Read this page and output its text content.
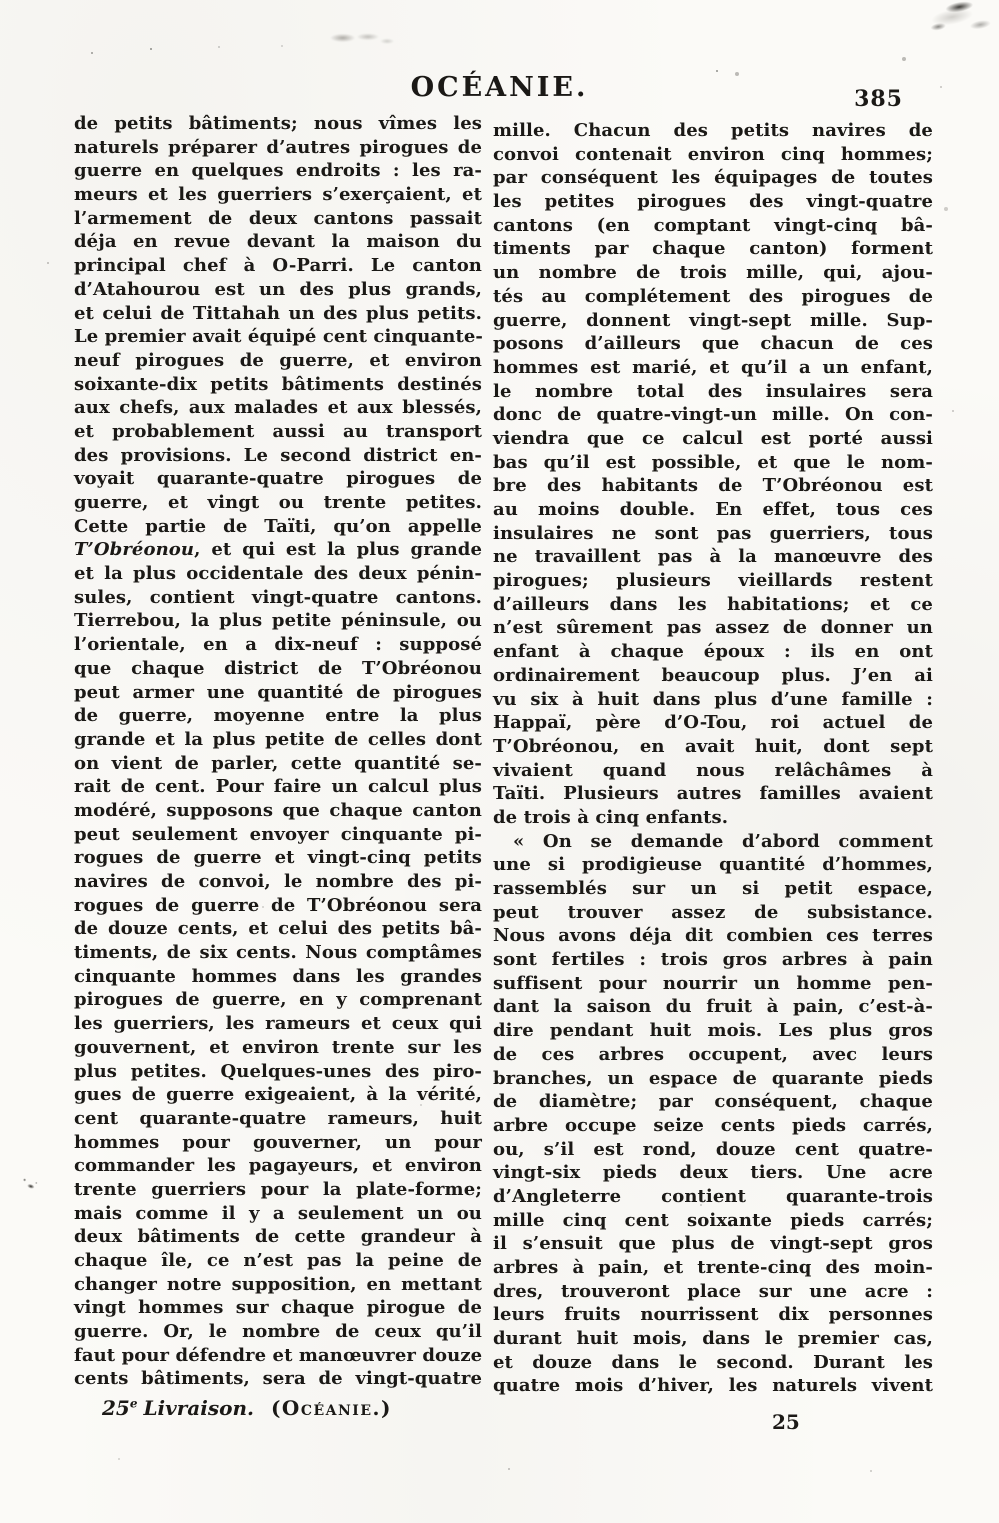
OCÉANIE.	385
de petits bâtiments; nous vîmes les
naturels préparer d’autres pirogues de
guerre en quelques endroits : les ra-
meurs et les guerriers s’exerçaient, et
l’armement de deux cantons passait
déja en revue devant la maison du
principal chef à O-Parri. Le canton
d’Atahourou est un des plus grands,
et celui de Tittahah un des plus petits.
Le premier avait équipé cent cinquante-
neuf pirogues de guerre, et environ
soixante-dix petits bâtiments destinés
aux chefs, aux malades et aux blessés,
et probablement aussi au transport
des provisions. Le second district en-
voyait quarante-quatre pirogues de
guerre, et vingt ou trente petites.
Cette partie de Taïti, qu’on appelle
T’Obréonou, et qui est la plus grande
et la plus occidentale des deux pénin-
sules, contient vingt-quatre cantons.
Tierrebou, la plus petite péninsule, ou
l’orientale, en a dix-neuf : supposé
que chaque district de T’Obréonou
peut armer une quantité de pirogues
de guerre, moyenne entre la plus
grande et la plus petite de celles dont
on vient de parler, cette quantité se-
rait de cent. Pour faire un calcul plus
modéré, supposons que chaque canton
peut seulement envoyer cinquante pi-
rogues de guerre et vingt-cinq petits
navires de convoi, le nombre des pi-
rogues de guerre de T’Obréonou sera
de douze cents, et celui des petits bâ-
timents, de six cents. Nous comptâmes
cinquante hommes dans les grandes
pirogues de guerre, en y comprenant
les guerriers, les rameurs et ceux qui
gouvernent, et environ trente sur les
plus petites. Quelques-unes des piro-
gues de guerre exigeaient, à la vérité,
cent quarante-quatre rameurs, huit
hommes pour gouverner, un pour
commander les pagayeurs, et environ
trente guerriers pour la plate-forme;
mais comme il y a seulement un ou
deux bâtiments de cette grandeur à
chaque île, ce n’est pas la peine de
changer notre supposition, en mettant
vingt hommes sur chaque pirogue de
guerre. Or, le nombre de ceux qu’il
faut pour défendre et manœuvrer douze
cents bâtiments, sera de vingt-quatre
mille. Chacun des petits navires de
convoi contenait environ cinq hommes;
par conséquent les équipages de toutes
les petites pirogues des vingt-quatre
cantons (en comptant vingt-cinq bâ-
timents par chaque canton) forment
un nombre de trois mille, qui, ajou-
tés au complétement des pirogues de
guerre, donnent vingt-sept mille. Sup-
posons d’ailleurs que chacun de ces
hommes est marié, et qu’il a un enfant,
le nombre total des insulaires sera
donc de quatre-vingt-un mille. On con-
viendra que ce calcul est porté aussi
bas qu’il est possible, et que le nom-
bre des habitants de T’Obréonou est
au moins double. En effet, tous ces
insulaires ne sont pas guerriers, tous
ne travaillent pas à la manœuvre des
pirogues; plusieurs vieillards restent
d’ailleurs dans les habitations; et ce
n’est sûrement pas assez de donner un
enfant à chaque époux : ils en ont
ordinairement beaucoup plus. J’en ai
vu six à huit dans plus d’une famille :
Happaï, père d’O-Tou, roi actuel de
T’Obréonou, en avait huit, dont sept
vivaient quand nous relâchâmes à
Taïti. Plusieurs autres familles avaient
de trois à cinq enfants.
« On se demande d’abord comment
une si prodigieuse quantité d’hommes,
rassemblés sur un si petit espace,
peut trouver assez de subsistance.
Nous avons déja dit combien ces terres
sont fertiles : trois gros arbres à pain
suffisent pour nourrir un homme pen-
dant la saison du fruit à pain, c’est-à-
dire pendant huit mois. Les plus gros
de ces arbres occupent, avec leurs
branches, un espace de quarante pieds
de diamètre; par conséquent, chaque
arbre occupe seize cents pieds carrés,
ou, s’il est rond, douze cent quatre-
vingt-six pieds deux tiers. Une acre
d’Angleterre contient quarante-trois
mille cinq cent soixante pieds carrés;
il s’ensuit que plus de vingt-sept gros
arbres à pain, et trente-cinq des moin-
dres, trouveront place sur une acre :
leurs fruits nourrissent dix personnes
durant huit mois, dans le premier cas,
et douze dans le second. Durant les
quatre mois d’hiver, les naturels vivent
25e Livraison. (Océanie.)
25
